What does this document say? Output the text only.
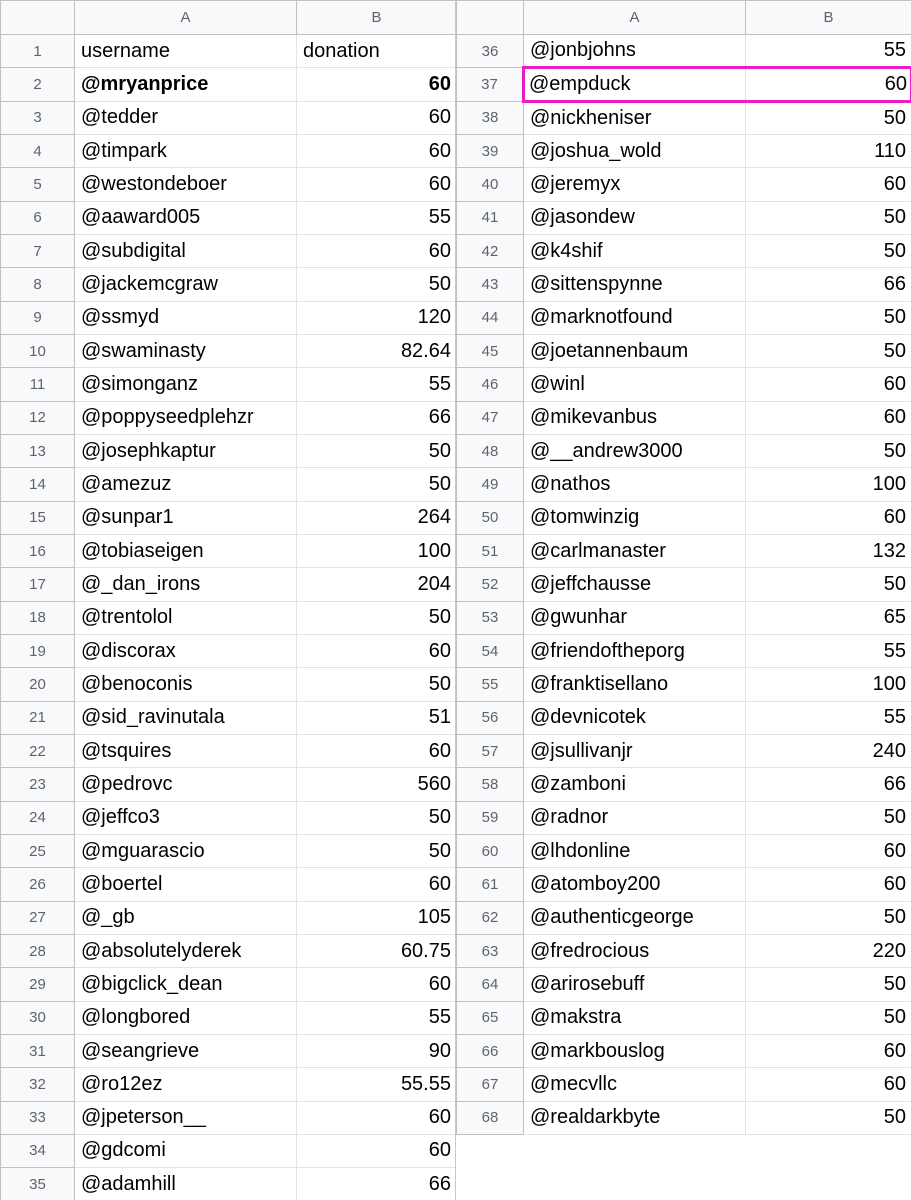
	A	B
1	username	donation
2	@mryanprice	60
3	@tedder	60
4	@timpark	60
5	@westondeboer	60
6	@aaward005	55
7	@subdigital	60
8	@jackemcgraw	50
9	@ssmyd	120
10	@swaminasty	82.64
11	@simonganz	55
12	@poppyseedplehzr	66
13	@josephkaptur	50
14	@amezuz	50
15	@sunpar1	264
16	@tobiaseigen	100
17	@_dan_irons	204
18	@trentolol	50
19	@discorax	60
20	@benoconis	50
21	@sid_ravinutala	51
22	@tsquires	60
23	@pedrovc	560
24	@jeffco3	50
25	@mguarascio	50
26	@boertel	60
27	@_gb	105
28	@absolutelyderek	60.75
29	@bigclick_dean	60
30	@longbored	55
31	@seangrieve	90
32	@ro12ez	55.55
33	@jpeterson__	60
34	@gdcomi	60
35	@adamhill	66
	A	B
36	@jonbjohns	55
37	@empduck	60
38	@nickheniser	50
39	@joshua_wold	110
40	@jeremyx	60
41	@jasondew	50
42	@k4shif	50
43	@sittenspynne	66
44	@marknotfound	50
45	@joetannenbaum	50
46	@winl	60
47	@mikevanbus	60
48	@__andrew3000	50
49	@nathos	100
50	@tomwinzig	60
51	@carlmanaster	132
52	@jeffchausse	50
53	@gwunhar	65
54	@friendoftheporg	55
55	@franktisellano	100
56	@devnicotek	55
57	@jsullivanjr	240
58	@zamboni	66
59	@radnor	50
60	@lhdonline	60
61	@atomboy200	60
62	@authenticgeorge	50
63	@fredrocious	220
64	@arirosebuff	50
65	@makstra	50
66	@markbouslog	60
67	@mecvllc	60
68	@realdarkbyte	50
